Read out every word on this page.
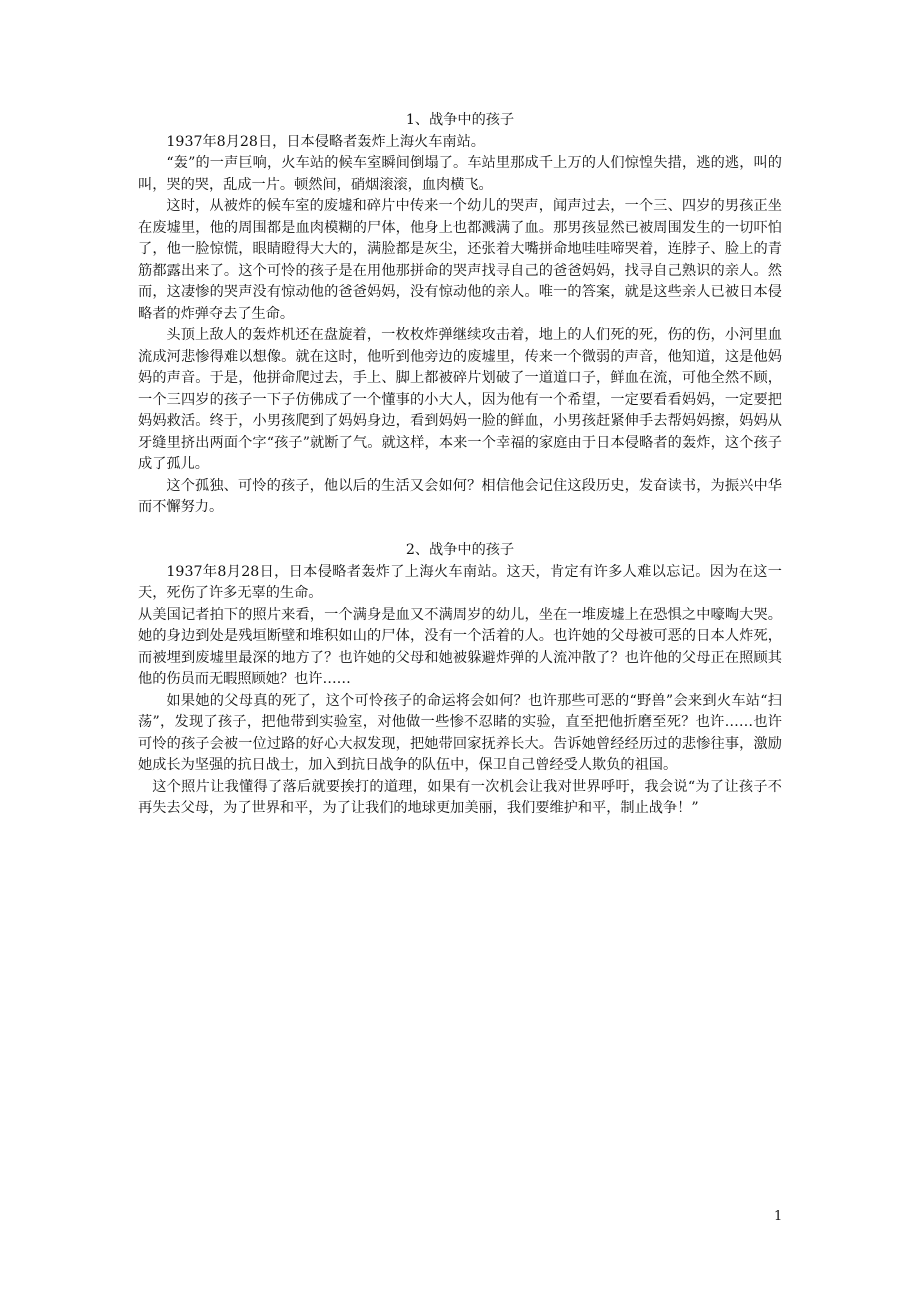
1、战争中的孩子

1937年8月28日，日本侵略者轰炸上海火车南站。

“轰”的一声巨响，火车站的候车室瞬间倒塌了。车站里那成千上万的人们惊惶失措，逃的逃，叫的叫，哭的哭，乱成一片。顿然间，硝烟滚滚，血肉横飞。

这时，从被炸的候车室的废墟和碎片中传来一个幼儿的哭声，闻声过去，一个三、四岁的男孩正坐在废墟里，他的周围都是血肉模糊的尸体，他身上也都溅满了血。那男孩显然已被周围发生的一切吓怕了，他一脸惊慌，眼睛瞪得大大的，满脸都是灰尘，还张着大嘴拼命地哇哇啼哭着，连脖子、脸上的青筋都露出来了。这个可怜的孩子是在用他那拼命的哭声找寻自己的爸爸妈妈，找寻自己熟识的亲人。然而，这凄惨的哭声没有惊动他的爸爸妈妈，没有惊动他的亲人。唯一的答案，就是这些亲人已被日本侵略者的炸弹夺去了生命。

头顶上敌人的轰炸机还在盘旋着，一枚枚炸弹继续攻击着，地上的人们死的死，伤的伤，小河里血流成河悲惨得难以想像。就在这时，他听到他旁边的废墟里，传来一个微弱的声音，他知道，这是他妈妈的声音。于是，他拼命爬过去，手上、脚上都被碎片划破了一道道口子，鲜血在流，可他全然不顾，一个三四岁的孩子一下子仿佛成了一个懂事的小大人，因为他有一个希望，一定要看看妈妈，一定要把妈妈救活。终于，小男孩爬到了妈妈身边，看到妈妈一脸的鲜血，小男孩赶紧伸手去帮妈妈擦，妈妈从牙缝里挤出两面个字“孩子”就断了气。就这样，本来一个幸福的家庭由于日本侵略者的轰炸，这个孩子成了孤儿。

这个孤独、可怜的孩子，他以后的生活又会如何？相信他会记住这段历史，发奋读书，为振兴中华而不懈努力。

2、战争中的孩子

1937年8月28日，日本侵略者轰炸了上海火车南站。这天，肯定有许多人难以忘记。因为在这一天，死伤了许多无辜的生命。

从美国记者拍下的照片来看，一个满身是血又不满周岁的幼儿，坐在一堆废墟上在恐惧之中嚎啕大哭。她的身边到处是残垣断壁和堆积如山的尸体，没有一个活着的人。也许她的父母被可恶的日本人炸死，而被埋到废墟里最深的地方了？也许她的父母和她被躲避炸弹的人流冲散了？也许他的父母正在照顾其他的伤员而无暇照顾她？也许……

如果她的父母真的死了，这个可怜孩子的命运将会如何？也许那些可恶的“野兽”会来到火车站“扫荡”，发现了孩子，把他带到实验室，对他做一些惨不忍睹的实验，直至把他折磨至死？也许……也许可怜的孩子会被一位过路的好心大叔发现，把她带回家抚养长大。告诉她曾经经历过的悲惨往事，激励她成长为坚强的抗日战士，加入到抗日战争的队伍中，保卫自己曾经受人欺负的祖国。

这个照片让我懂得了落后就要挨打的道理，如果有一次机会让我对世界呼吁，我会说“为了让孩子不再失去父母，为了世界和平，为了让我们的地球更加美丽，我们要维护和平，制止战争！”

1
